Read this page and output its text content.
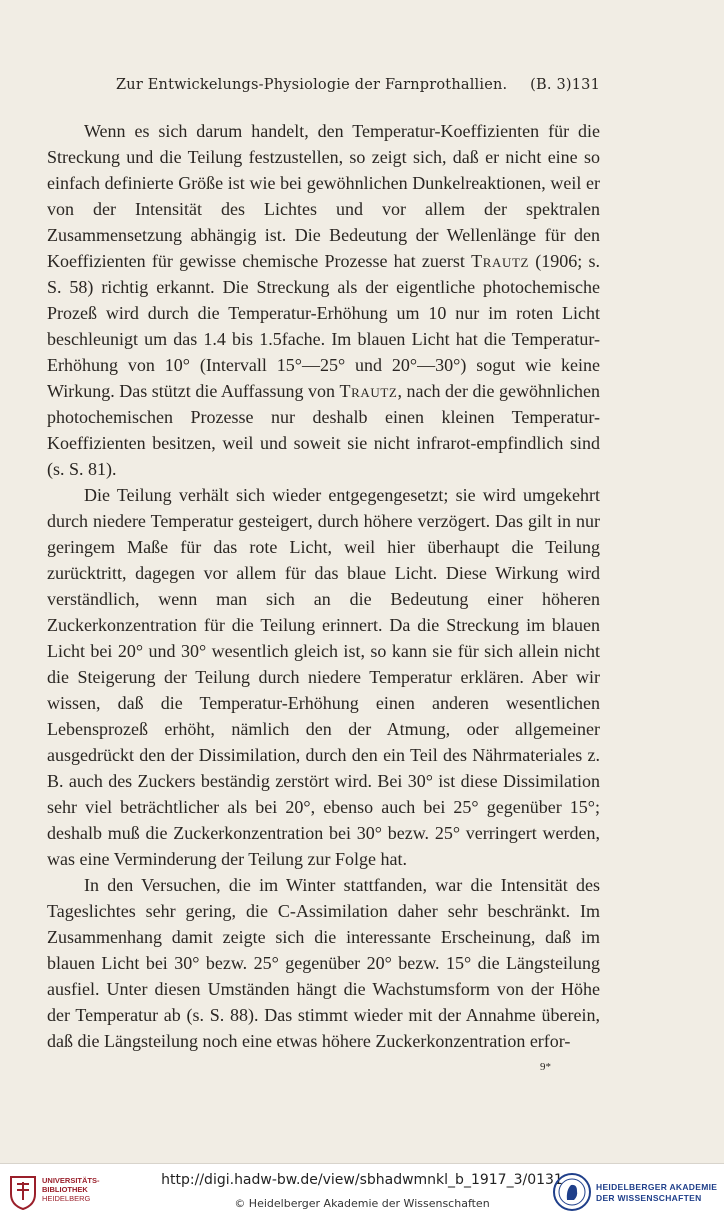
Zur Entwickelungs-Physiologie der Farnprothallien. (B. 3) 131

Wenn es sich darum handelt, den Temperatur-Koeffizienten für die Streckung und die Teilung festzustellen, so zeigt sich, daß er nicht eine so einfach definierte Größe ist wie bei gewöhnlichen Dunkelreaktionen, weil er von der Intensität des Lichtes und vor allem der spektralen Zusammensetzung abhängig ist. Die Bedeutung der Wellenlänge für den Koeffizienten für gewisse chemische Prozesse hat zuerst Trautz (1906; s. S. 58) richtig erkannt. Die Streckung als der eigentliche photochemische Prozeß wird durch die Temperatur-Erhöhung um 10 nur im roten Licht beschleunigt um das 1.4 bis 1.5fache. Im blauen Licht hat die Temperatur-Erhöhung von 10° (Intervall 15°—25° und 20°—30°) sogut wie keine Wirkung. Das stützt die Auffassung von Trautz, nach der die gewöhnlichen photochemischen Prozesse nur deshalb einen kleinen Temperatur-Koeffizienten besitzen, weil und soweit sie nicht infrarot-empfindlich sind (s. S. 81).

Die Teilung verhält sich wieder entgegengesetzt; sie wird umgekehrt durch niedere Temperatur gesteigert, durch höhere verzögert. Das gilt in nur geringem Maße für das rote Licht, weil hier überhaupt die Teilung zurücktritt, dagegen vor allem für das blaue Licht. Diese Wirkung wird verständlich, wenn man sich an die Bedeutung einer höheren Zuckerkonzentration für die Teilung erinnert. Da die Streckung im blauen Licht bei 20° und 30° wesentlich gleich ist, so kann sie für sich allein nicht die Steigerung der Teilung durch niedere Temperatur erklären. Aber wir wissen, daß die Temperatur-Erhöhung einen anderen wesentlichen Lebensprozeß erhöht, nämlich den der Atmung, oder allgemeiner ausgedrückt den der Dissimilation, durch den ein Teil des Nährmateriales z. B. auch des Zuckers beständig zerstört wird. Bei 30° ist diese Dissimilation sehr viel beträchtlicher als bei 20°, ebenso auch bei 25° gegenüber 15°; deshalb muß die Zuckerkonzentration bei 30° bezw. 25° verringert werden, was eine Verminderung der Teilung zur Folge hat.

In den Versuchen, die im Winter stattfanden, war die Intensität des Tageslichtes sehr gering, die C-Assimilation daher sehr beschränkt. Im Zusammenhang damit zeigte sich die interessante Erscheinung, daß im blauen Licht bei 30° bezw. 25° gegenüber 20° bezw. 15° die Längsteilung ausfiel. Unter diesen Umständen hängt die Wachstumsform von der Höhe der Temperatur ab (s. S. 88). Das stimmt wieder mit der Annahme überein, daß die Längsteilung noch eine etwas höhere Zuckerkonzentration erfor-

9*
UNIVERSITÄTS-
BIBLIOTHEK
HEIDELBERG
http://digi.hadw-bw.de/view/sbhadwmnkl_b_1917_3/0131
© Heidelberger Akademie der Wissenschaften
HEIDELBERGER AKADEMIE
DER WISSENSCHAFTEN
